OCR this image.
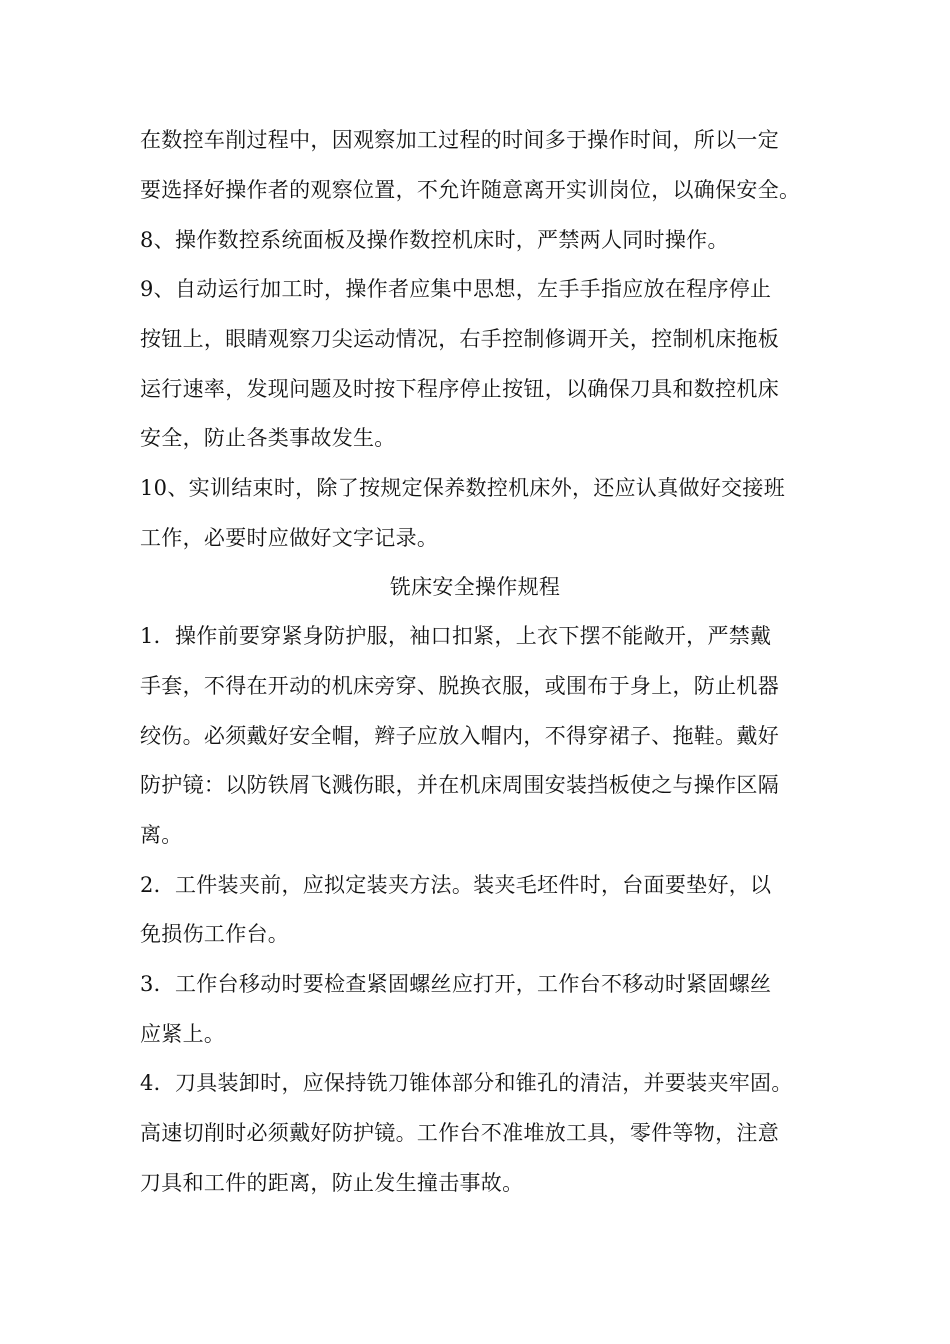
在数控车削过程中，因观察加工过程的时间多于操作时间，所以一定
要选择好操作者的观察位置，不允许随意离开实训岗位，以确保安全。
8、操作数控系统面板及操作数控机床时，严禁两人同时操作。
9、自动运行加工时，操作者应集中思想，左手手指应放在程序停止
按钮上，眼睛观察刀尖运动情况，右手控制修调开关，控制机床拖板
运行速率，发现问题及时按下程序停止按钮，以确保刀具和数控机床
安全，防止各类事故发生。
10、实训结束时，除了按规定保养数控机床外，还应认真做好交接班
工作，必要时应做好文字记录。
铣床安全操作规程
1．操作前要穿紧身防护服，袖口扣紧，上衣下摆不能敞开，严禁戴
手套，不得在开动的机床旁穿、脱换衣服，或围布于身上，防止机器
绞伤。必须戴好安全帽，辫子应放入帽内，不得穿裙子、拖鞋。戴好
防护镜：以防铁屑飞溅伤眼，并在机床周围安装挡板使之与操作区隔
离。
2．工件装夹前，应拟定装夹方法。装夹毛坯件时，台面要垫好，以
免损伤工作台。
3．工作台移动时要检查紧固螺丝应打开，工作台不移动时紧固螺丝
应紧上。
4．刀具装卸时，应保持铣刀锥体部分和锥孔的清洁，并要装夹牢固。
高速切削时必须戴好防护镜。工作台不准堆放工具，零件等物，注意
刀具和工件的距离，防止发生撞击事故。
